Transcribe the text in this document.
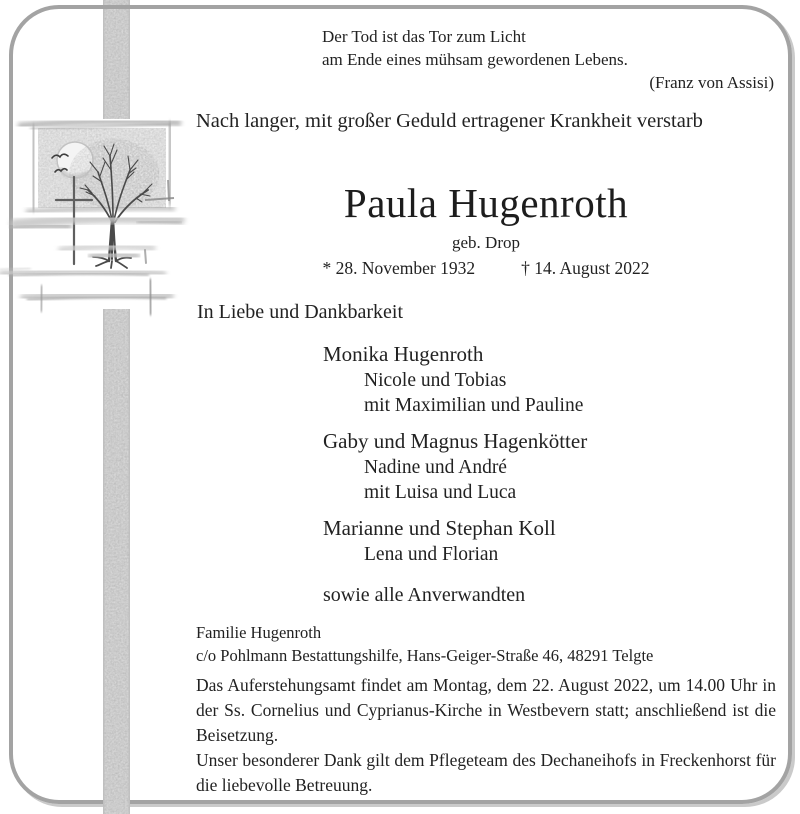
Der Tod ist das Tor zum Licht
am Ende eines mühsam gewordenen Lebens.
(Franz von Assisi)
Nach langer, mit großer Geduld ertragener Krankheit verstarb
Paula Hugenroth
geb. Drop
* 28. November 1932	† 14. August 2022
In Liebe und Dankbarkeit
Monika Hugenroth
Nicole und Tobias
mit Maximilian und Pauline
Gaby und Magnus Hagenkötter
Nadine und André
mit Luisa und Luca
Marianne und Stephan Koll
Lena und Florian
sowie alle Anverwandten
Familie Hugenroth
c/o Pohlmann Bestattungshilfe, Hans-Geiger-Straße 46, 48291 Telgte

Das Auferstehungsamt findet am Montag, dem 22. August 2022, um 14.00 Uhr in der Ss. Cornelius und Cyprianus-Kirche in Westbevern statt; anschließend ist die Beisetzung.

Unser besonderer Dank gilt dem Pflegeteam des Dechaneihofs in Freckenhorst für die liebevolle Betreuung.
